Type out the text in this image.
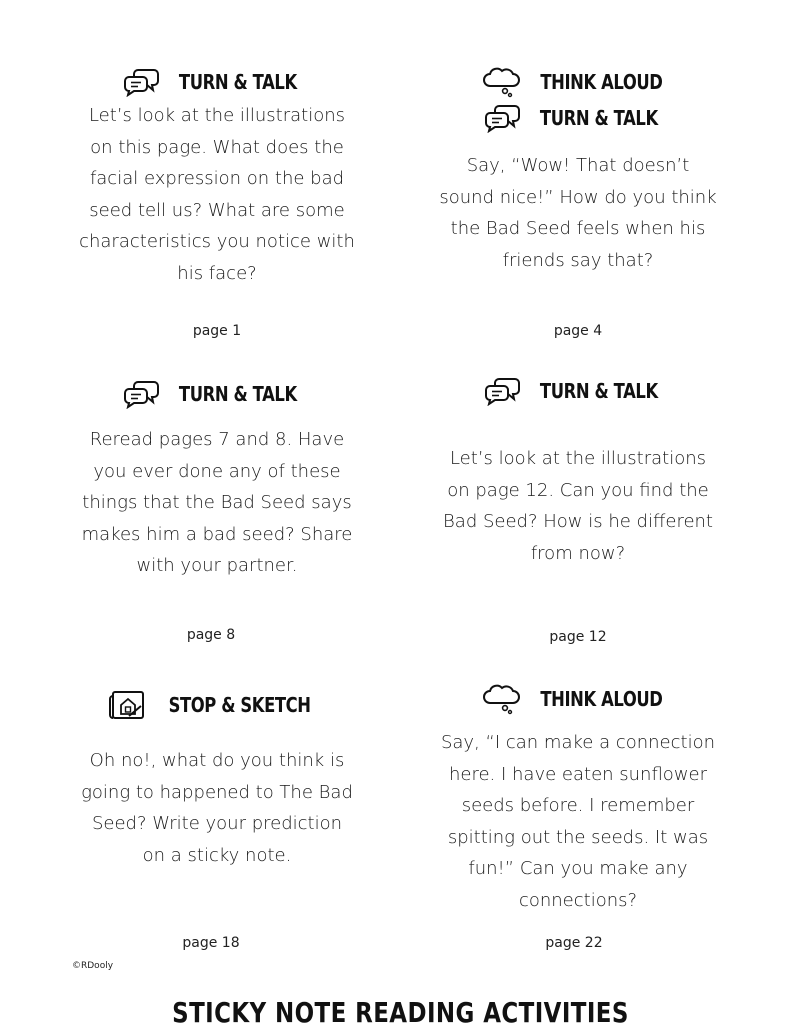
TURN & TALK
Let’s look at the illustrations
on this page. What does the
facial expression on the bad
seed tell us? What are some
characteristics you notice with
his face?
page 1
THINK ALOUD
TURN & TALK
Say, “Wow! That doesn’t
sound nice!” How do you think
the Bad Seed feels when his
friends say that?
page 4
TURN & TALK
Reread pages 7 and 8. Have
you ever done any of these
things that the Bad Seed says
makes him a bad seed? Share
with your partner.
page 8
TURN & TALK
Let’s look at the illustrations
on page 12. Can you find the
Bad Seed? How is he different
from now?
page 12
STOP & SKETCH
Oh no!, what do you think is
going to happened to The Bad
Seed? Write your prediction
on a sticky note.
page 18
THINK ALOUD
Say, “I can make a connection
here. I have eaten sunflower
seeds before. I remember
spitting out the seeds. It was
fun!” Can you make any
connections?
page 22
©RDooly
STICKY NOTE READING ACTIVITIES
